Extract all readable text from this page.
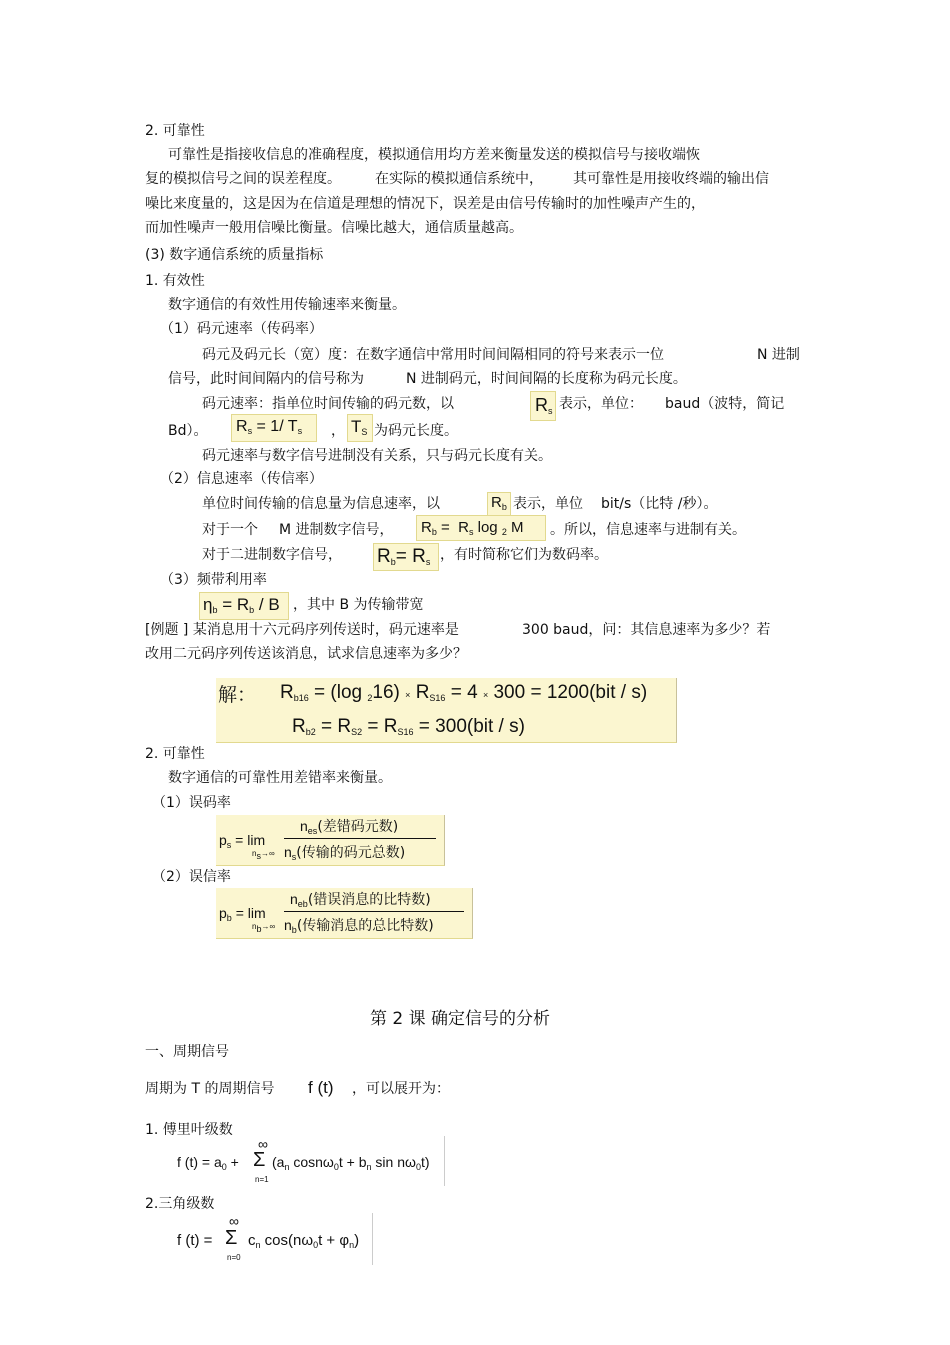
2. 可靠性
可靠性是指接收信息的准确程度，模拟通信用均方差来衡量发送的模拟信号与接收端恢
复的模拟信号之间的误差程度。 在实际的模拟通信系统中， 其可靠性是用接收终端的输出信
噪比来度量的，这是因为在信道是理想的情况下，误差是由信号传输时的加性噪声产生的，
而加性噪声一般用信噪比衡量。信噪比越大，通信质量越高。
(3) 数字通信系统的质量指标
1. 有效性
数字通信的有效性用传输速率来衡量。
（1）码元速率（传码率）
码元及码元长（宽）度：在数字通信中常用时间间隔相同的符号来表示一位	N 进制
信号，此时间间隔内的信号称为	N 进制码元，时间间隔的长度称为码元长度。
码元速率：指单位时间传输的码元数，以	$R_s$ 表示，单位： baud（波特，简记
Bd）。 $R_s = 1/$ $T_s$ ， $T_S$ 为码元长度。
码元速率与数字信号进制没有关系，只与码元长度有关。
（2）信息速率（传信率）
单位时间传输的信息量为信息速率，以	$R_b$ 表示，单位 bit/s（比特 /秒）。
对于一个 M 进制数字信号， $R_b = R_s$ log $_2$ M 。所以，信息速率与进制有关。
对于二进制数字信号， $R_b= R_s$ ，有时简称它们为数码率。
（3）频带利用率
$\eta_b = R_b / B$ ，其中 B 为传输带宽
[例题 ] 某消息用十六元码序列传送时，码元速率是	300 baud，问：其信息速率为多少？若
改用二元码序列传送该消息，试求信息速率为多少？
解： $R_{b16} = (\log$ $_216) \times R_{S16} = 4 \times 300 = 1200(bit / s)$
$R_{b2} = R_{S2} = R_{S16} = 300(bit / s)$
2. 可靠性
数字通信的可靠性用差错率来衡量。
（1）误码率
$p_s = \lim$
$n_s\to\infty$
$n_{es}$(差错码元数)
$n_s$(传输的码元总数)
（2）误信率
$p_b = \lim$
$n_b\to\infty$
$n_{eb}$(错误消息的比特数)
$n_b$(传输消息的总比特数)
第 2 课 确定信号的分析
一、周期信号
周期为 T 的周期信号 f (t) ，可以展开为：
1. 傅里叶级数
∞
f $(t) = a_0 + \Sigma$
n=1
($a_n$ $\cos n\omega_0t + b_n$ $\sin n\omega_0t$)
2.三角级数
∞
f (t) = Σ
n=0
$c_n$ $\cos(n\omega_0t + \varphi_n)$
